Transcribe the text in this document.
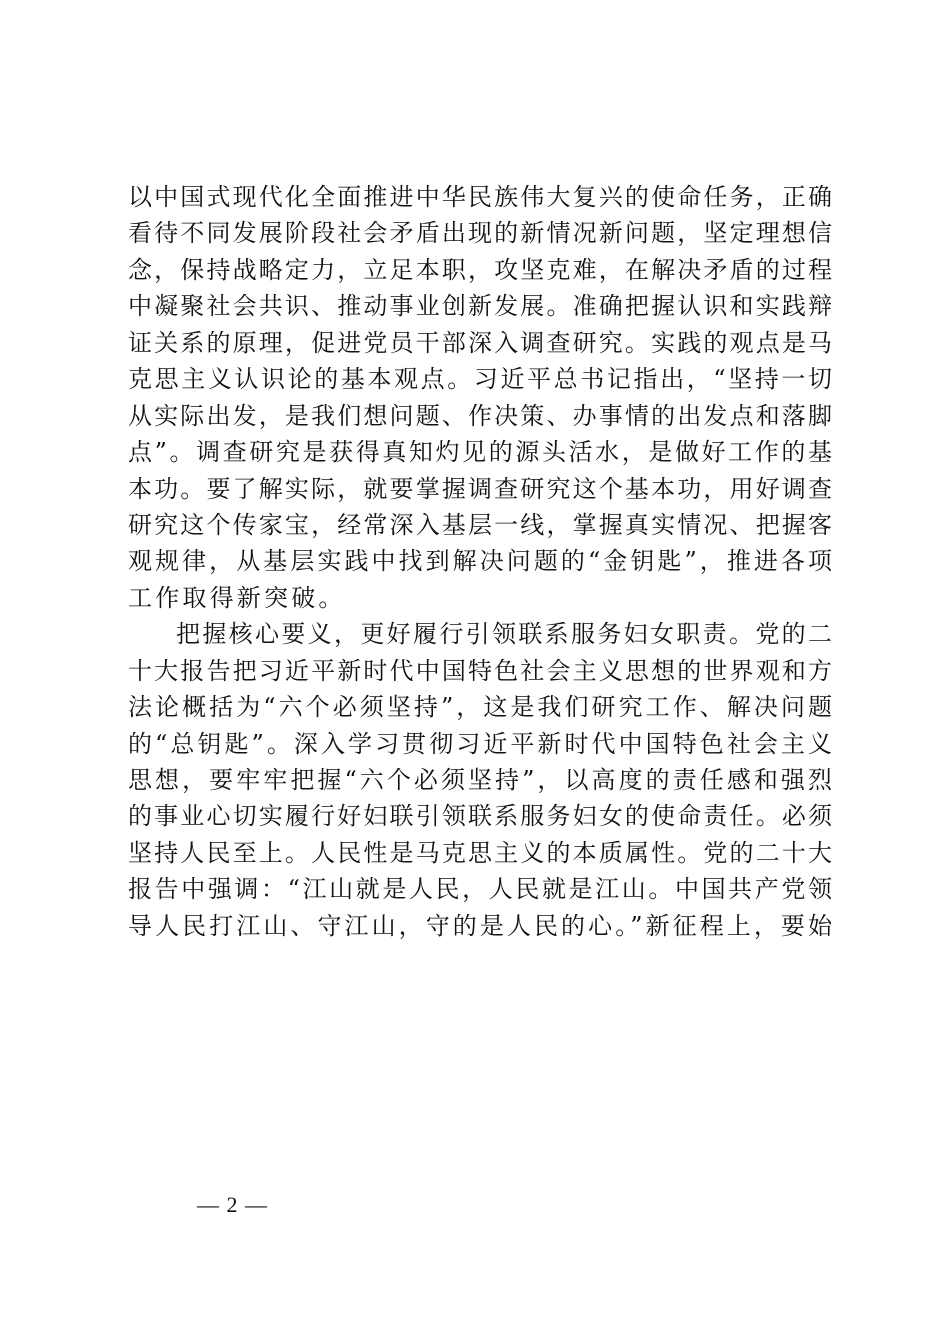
以中国式现代化全面推进中华民族伟大复兴的使命任务，正确
看待不同发展阶段社会矛盾出现的新情况新问题，坚定理想信
念，保持战略定力，立足本职，攻坚克难，在解决矛盾的过程
中凝聚社会共识、推动事业创新发展。准确把握认识和实践辩
证关系的原理，促进党员干部深入调查研究。实践的观点是马
克思主义认识论的基本观点。习近平总书记指出，“坚持一切
从实际出发，是我们想问题、作决策、办事情的出发点和落脚
点”。调查研究是获得真知灼见的源头活水，是做好工作的基
本功。要了解实际，就要掌握调查研究这个基本功，用好调查
研究这个传家宝，经常深入基层一线，掌握真实情况、把握客
观规律，从基层实践中找到解决问题的“金钥匙”，推进各项
工作取得新突破。
把握核心要义，更好履行引领联系服务妇女职责。党的二
十大报告把习近平新时代中国特色社会主义思想的世界观和方
法论概括为“六个必须坚持”，这是我们研究工作、解决问题
的“总钥匙”。深入学习贯彻习近平新时代中国特色社会主义
思想，要牢牢把握“六个必须坚持”，以高度的责任感和强烈
的事业心切实履行好妇联引领联系服务妇女的使命责任。必须
坚持人民至上。人民性是马克思主义的本质属性。党的二十大
报告中强调：“江山就是人民，人民就是江山。中国共产党领
导人民打江山、守江山，守的是人民的心。”新征程上，要始
— 2 —
